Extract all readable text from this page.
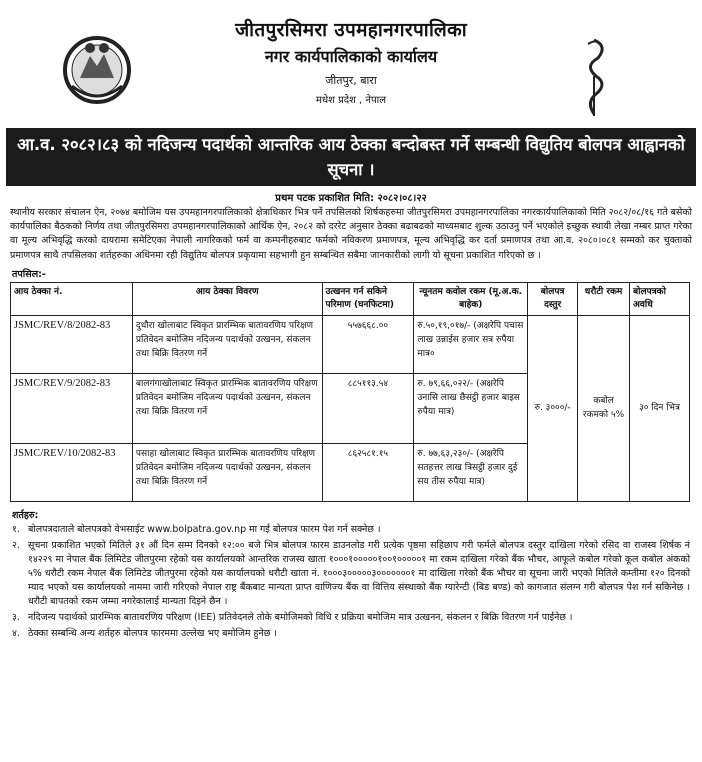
जीतपुरसिमरा उपमहानगरपालिका
नगर कार्यपालिकाको कार्यालय
जीतपुर, बारा
मधेश प्रदेश , नेपाल
आ.व. २०८२।८३ को नदिजन्य पदार्थको आन्तरिक आय ठेक्का बन्दोबस्त गर्ने सम्बन्धी विद्युतिय बोलपत्र आह्वानको सूचना ।
प्रथम पटक प्रकाशित मिति: २०८२।०८।२२
स्थानीय सरकार संचालन ऐन, २०७४ बमोजिम यस उपमहानगरपालिकाको क्षेत्राधिकार भित्र पर्ने तपसिलको शिर्षकहरुमा जीतपुरसिमरा उपमहानगरपालिका नगरकार्यपालिकाको मिति २०८२/०८/१६ गते बसेको कार्यपालिका बैठकको निर्णय तथा जीतपुरसिमरा उपमहानगरपालिकाको आर्थिक ऐन, २०८२ को दररेट अनुसार ठेक्का बढाबढको माध्यमबाट शुल्क उठाउनु पर्ने भएकोले इच्छुक स्थायी लेखा नम्बर प्राप्त गरेका वा मूल्य अभिवृद्धि करको दायरामा समेटिएका नेपाली नागरिकको फर्म वा कम्पनीहरुबाट फर्मको नविकरण प्रमाणपत्र, मूल्य अभिवृद्धि कर दर्ता प्रमाणपत्र तथा आ.व. २०८०।०८१ सम्मको कर चुक्ताको प्रमाणपत्र साथै तपसिलका शर्तहरुका अधिनमा रही विद्युतिय बोलपत्र प्रकृयामा सहभागी हुन सम्बन्धित सबैमा जानकारीको लागी यो सूचना प्रकाशित गरिएको छ ।
तपसिल:-
आय ठेक्का नं.	आय ठेक्का विवरण	उत्खनन गर्न सकिने परिमाण (घनफिटमा)	न्यूनतम कवोल रकम (मू.अ.क. बाहेक)	बोलपत्र दस्तुर	धरौटी रकम	बोलपत्रको अवधि
JSMC/REV/8/2082-83	दुधौरा खोलाबाट स्विकृत प्रारम्भिक बातावरणिय परिक्षण प्रतिवेदन बमोजिम नदिजन्य पदार्थको उत्खनन, संकलन तथा बिक्रि वितरण गर्ने	५५७६६८.००	रु.५०,१९,०१७/- (अक्षरेपि पचास लाख उन्नाईस हजार सत्र रुपैया मात्र०	रु. ३०००/-	कबोल रकमको ५%	३० दिन भित्र
JSMC/REV/9/2082-83	बालगंगाखोलाबाट स्विकृत प्रारम्भिक बातावरणिय परिक्षण प्रतिवेदन बमोजिम नदिजन्य पदार्थको उत्खनन, संकलन तथा बिक्रि वितरण गर्ने	८८५११३.५४	रु. ७९,६६,०२२/- (अक्षरेपि उनासि लाख छैसट्ठी हजार बाइस रुपैया मात्र)			
JSMC/REV/10/2082-83	पसाहा खोलाबाट स्विकृत प्रारम्भिक बातावरणिय परिक्षण प्रतिवेदन बमोजिम नदिजन्य पदार्थको उत्खनन, संकलन तथा बिक्रि वितरण गर्ने	८६२५८१.१५	रु. ७७,६३,२३०/- (अक्षरेपि सतहत्तर लाख त्रिसट्ठी हजार दुई सय तीस रुपैया मात्र)			
शर्तहरु:
१. बोलपत्रदाताले बोलपत्रको वेभसाईट www.bolpatra.gov.np मा गई बोलपत्र फारम पेश गर्न सक्नेछ ।
२. सूचना प्रकाशित भएको मितिले ३१ औं दिन सम्म दिनको १२:०० बजे भित्र बोलपत्र फारम डाउनलोड गरी प्रत्येक पृष्ठमा सहिछाप गरी फर्मले बोलपत्र दस्तुर दाखिला गरेको रसिद वा राजस्व शिर्षक नं १४२२९ मा नेपाल बैंक लिमिटेड जीतपुरमा रहेको यस कार्यालयको आन्तरिक राजस्व खाता १०००१०००००१००१०००००१ मा रकम दाखिला गरेको बैंक भौचर, आफूले कबोल गरेको कूल कबोल अंकको ५% धरौटी रकम नेपाल बैंक लिमिटेड जीतपुरमा रहेको यस कार्यालयको धरौटी खाता नं. १०००३०००००३०००००००१ मा दाखिला गरेको बैंक भौचर वा सूचना जारी भएको मितिले कम्तीमा १२० दिनको म्याद भएको यस कार्यालयको नाममा जारी गरिएको नेपाल राष्ट्र बैंकबाट मान्यता प्राप्त वाणिज्य बैंक वा वित्तिय संस्थाको बैंक ग्यारेन्टी (बिड बण्ड) को कागजात संलग्न गरी बोलपत्र पेश गर्न सकिनेछ । धरौटी बापतको रकम जम्मा नगरेकालाई मान्यता दिइने छैन ।
३. नदिजन्य पदार्थको प्रारम्भिक बातावरणिय परिक्षण (IEE) प्रतिवेदनले तोके बमोजिमको विधि र प्रक्रिया बमोजिम मात्र उत्खनन, संकलन र बिक्रि वितरण गर्न पाईनेछ ।
४. ठेक्का सम्बन्धि अन्य शर्तहरु बोलपत्र फारममा उल्लेख भए बमोजिम हुनेछ ।
